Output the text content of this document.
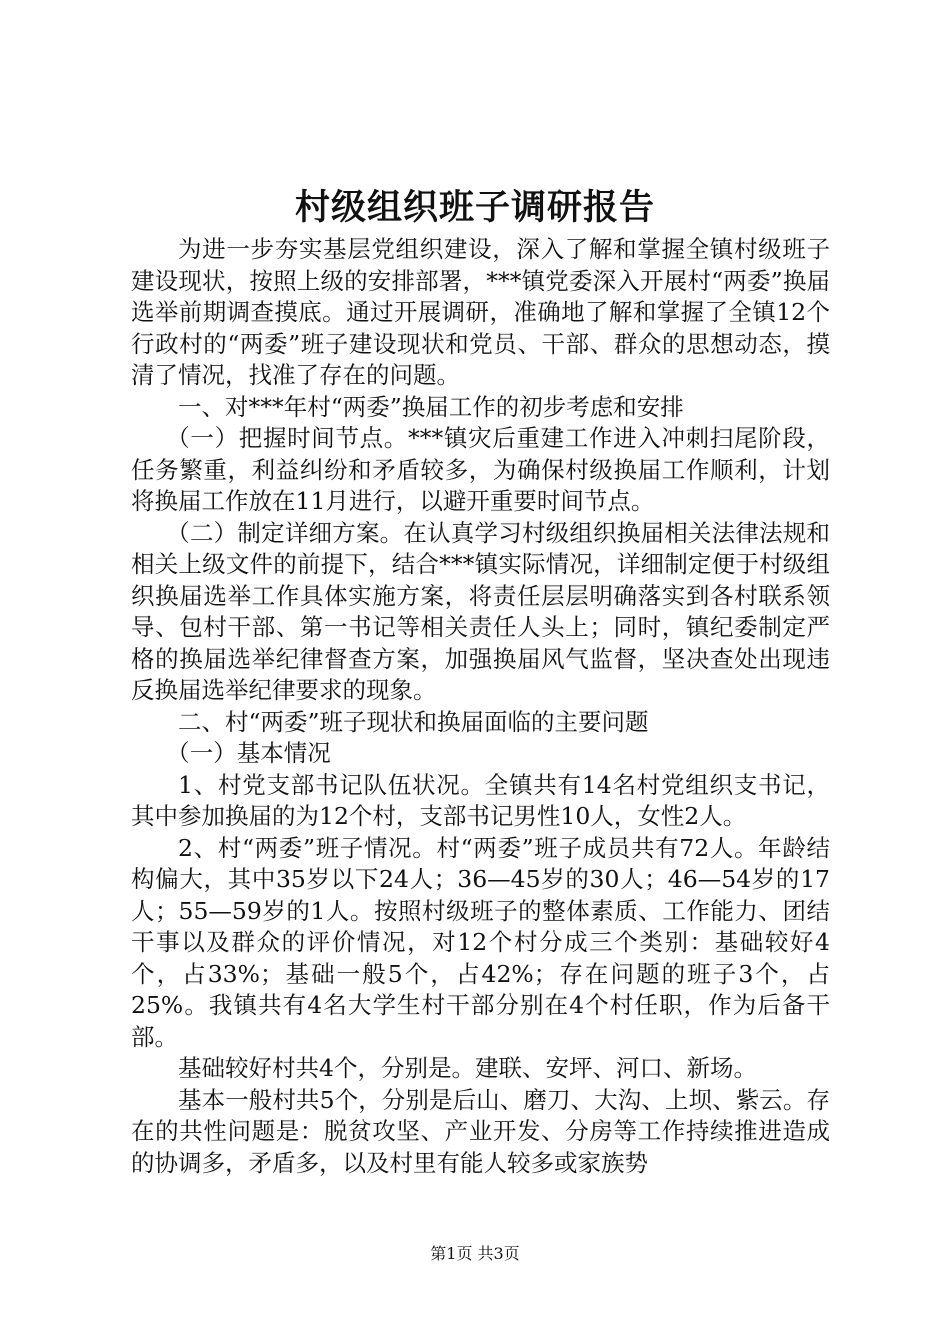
村级组织班子调研报告

为进一步夯实基层党组织建设，深入了解和掌握全镇村级班子建设现状，按照上级的安排部署，***镇党委深入开展村“两委”换届选举前期调查摸底。通过开展调研，准确地了解和掌握了全镇12个行政村的“两委”班子建设现状和党员、干部、群众的思想动态，摸清了情况，找准了存在的问题。

一、对***年村“两委”换届工作的初步考虑和安排

（一）把握时间节点。***镇灾后重建工作进入冲刺扫尾阶段，任务繁重，利益纠纷和矛盾较多，为确保村级换届工作顺利，计划将换届工作放在11月进行，以避开重要时间节点。

（二）制定详细方案。在认真学习村级组织换届相关法律法规和相关上级文件的前提下，结合***镇实际情况，详细制定便于村级组织换届选举工作具体实施方案，将责任层层明确落实到各村联系领导、包村干部、第一书记等相关责任人头上；同时，镇纪委制定严格的换届选举纪律督查方案，加强换届风气监督，坚决查处出现违反换届选举纪律要求的现象。

二、村“两委”班子现状和换届面临的主要问题

（一）基本情况

1、村党支部书记队伍状况。全镇共有14名村党组织支书记，其中参加换届的为12个村，支部书记男性10人，女性2人。

2、村“两委”班子情况。村“两委”班子成员共有72人。年龄结构偏大，其中35岁以下24人；36—45岁的30人；46—54岁的17人；55—59岁的1人。按照村级班子的整体素质、工作能力、团结干事以及群众的评价情况，对12个村分成三个类别：基础较好4个，占33%；基础一般5个，占42%；存在问题的班子3个，占25%。我镇共有4名大学生村干部分别在4个村任职，作为后备干部。

基础较好村共4个，分别是。建联、安坪、河口、新场。

基本一般村共5个，分别是后山、磨刀、大沟、上坝、紫云。存在的共性问题是：脱贫攻坚、产业开发、分房等工作持续推进造成的协调多，矛盾多，以及村里有能人较多或家族势

第1页 共3页
